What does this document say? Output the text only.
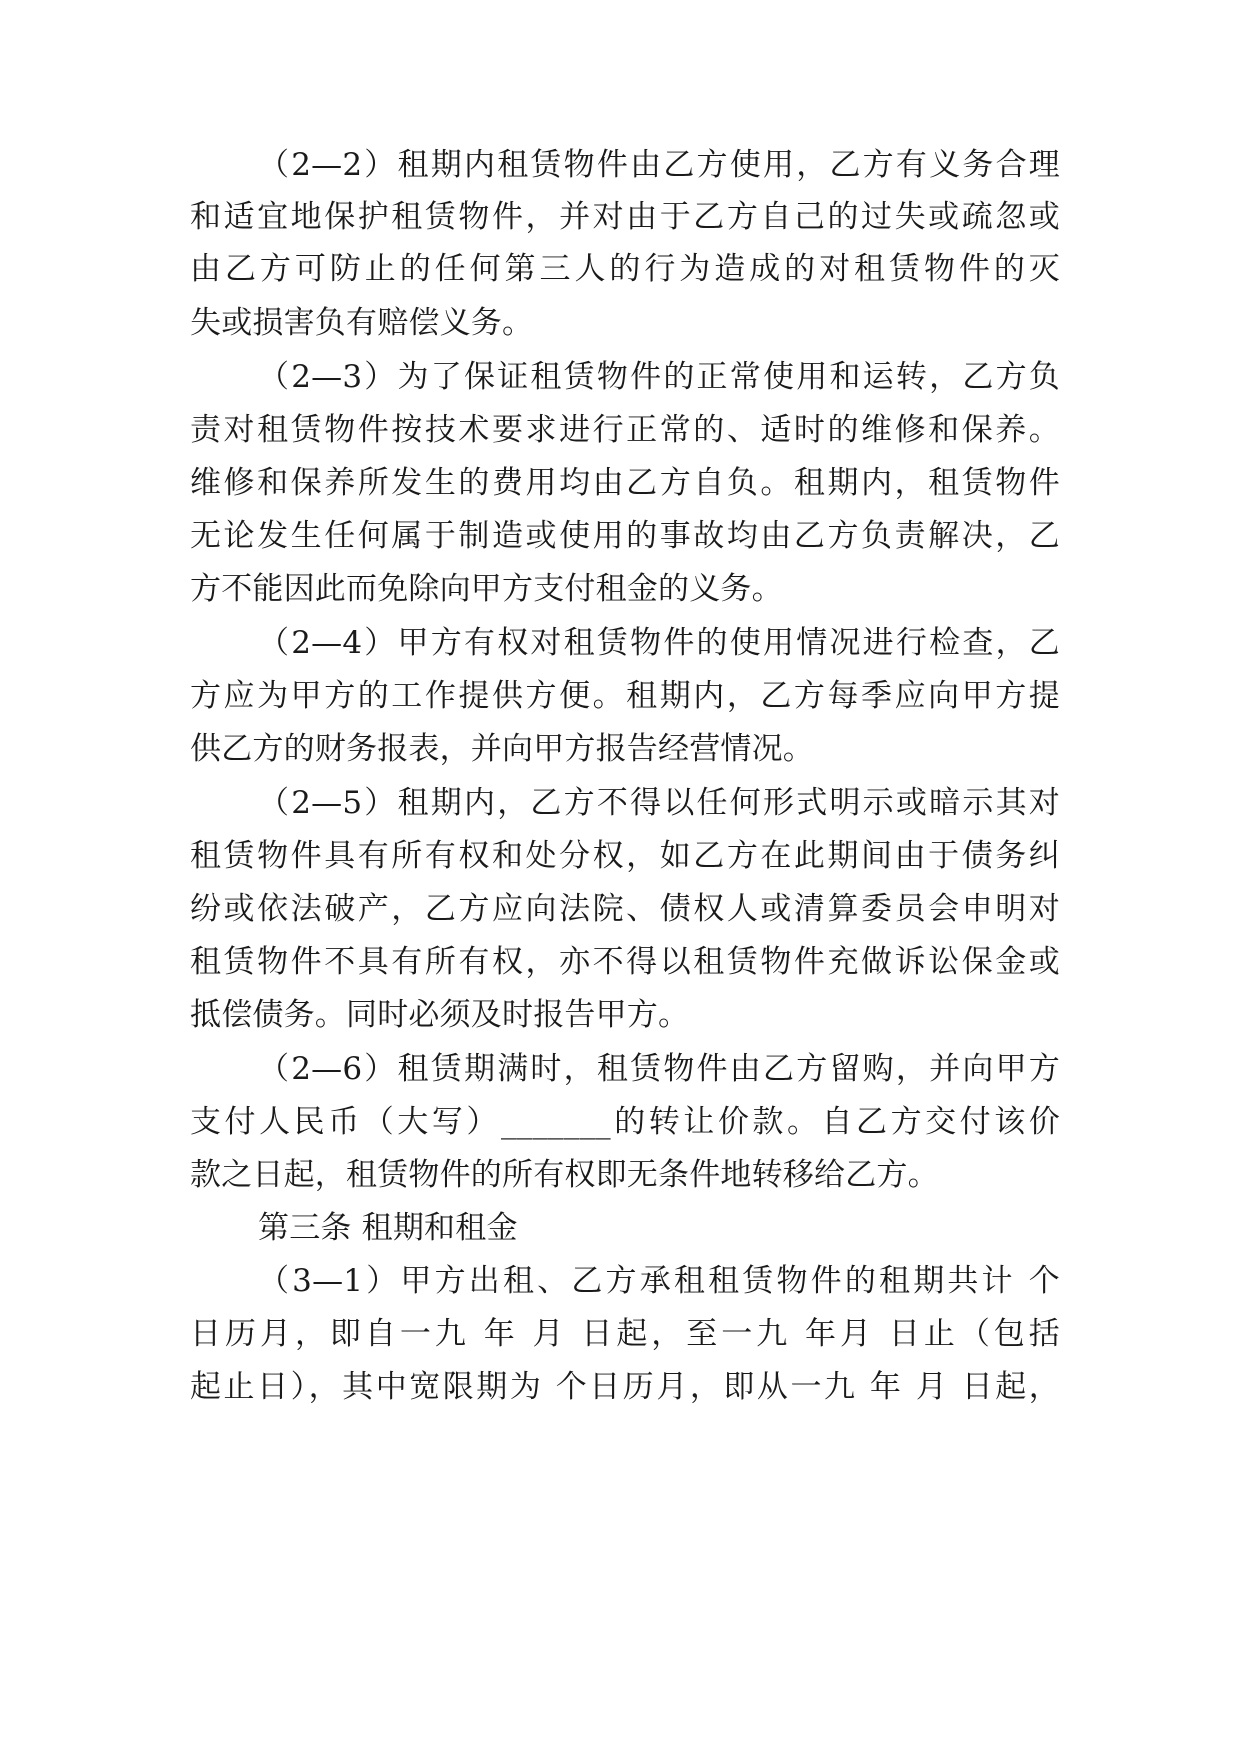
（2—2）租期内租赁物件由乙方使用，乙方有义务合理
和适宜地保护租赁物件，并对由于乙方自己的过失或疏忽或
由乙方可防止的任何第三人的行为造成的对租赁物件的灭
失或损害负有赔偿义务。
（2—3）为了保证租赁物件的正常使用和运转，乙方负
责对租赁物件按技术要求进行正常的、适时的维修和保养。
维修和保养所发生的费用均由乙方自负。租期内，租赁物件
无论发生任何属于制造或使用的事故均由乙方负责解决，乙
方不能因此而免除向甲方支付租金的义务。
（2—4）甲方有权对租赁物件的使用情况进行检查，乙
方应为甲方的工作提供方便。租期内，乙方每季应向甲方提
供乙方的财务报表，并向甲方报告经营情况。
（2—5）租期内，乙方不得以任何形式明示或暗示其对
租赁物件具有所有权和处分权，如乙方在此期间由于债务纠
纷或依法破产，乙方应向法院、债权人或清算委员会申明对
租赁物件不具有所有权，亦不得以租赁物件充做诉讼保金或
抵偿债务。同时必须及时报告甲方。
（2—6）租赁期满时，租赁物件由乙方留购，并向甲方
支付人民币（大写）_______的转让价款。自乙方交付该价
款之日起，租赁物件的所有权即无条件地转移给乙方。
第三条 租期和租金
（3—1）甲方出租、乙方承租租赁物件的租期共计 个
日历月，即自一九 年 月 日起，至一九 年月 日止（包括
起止日），其中宽限期为 个日历月，即从一九 年 月 日起，
